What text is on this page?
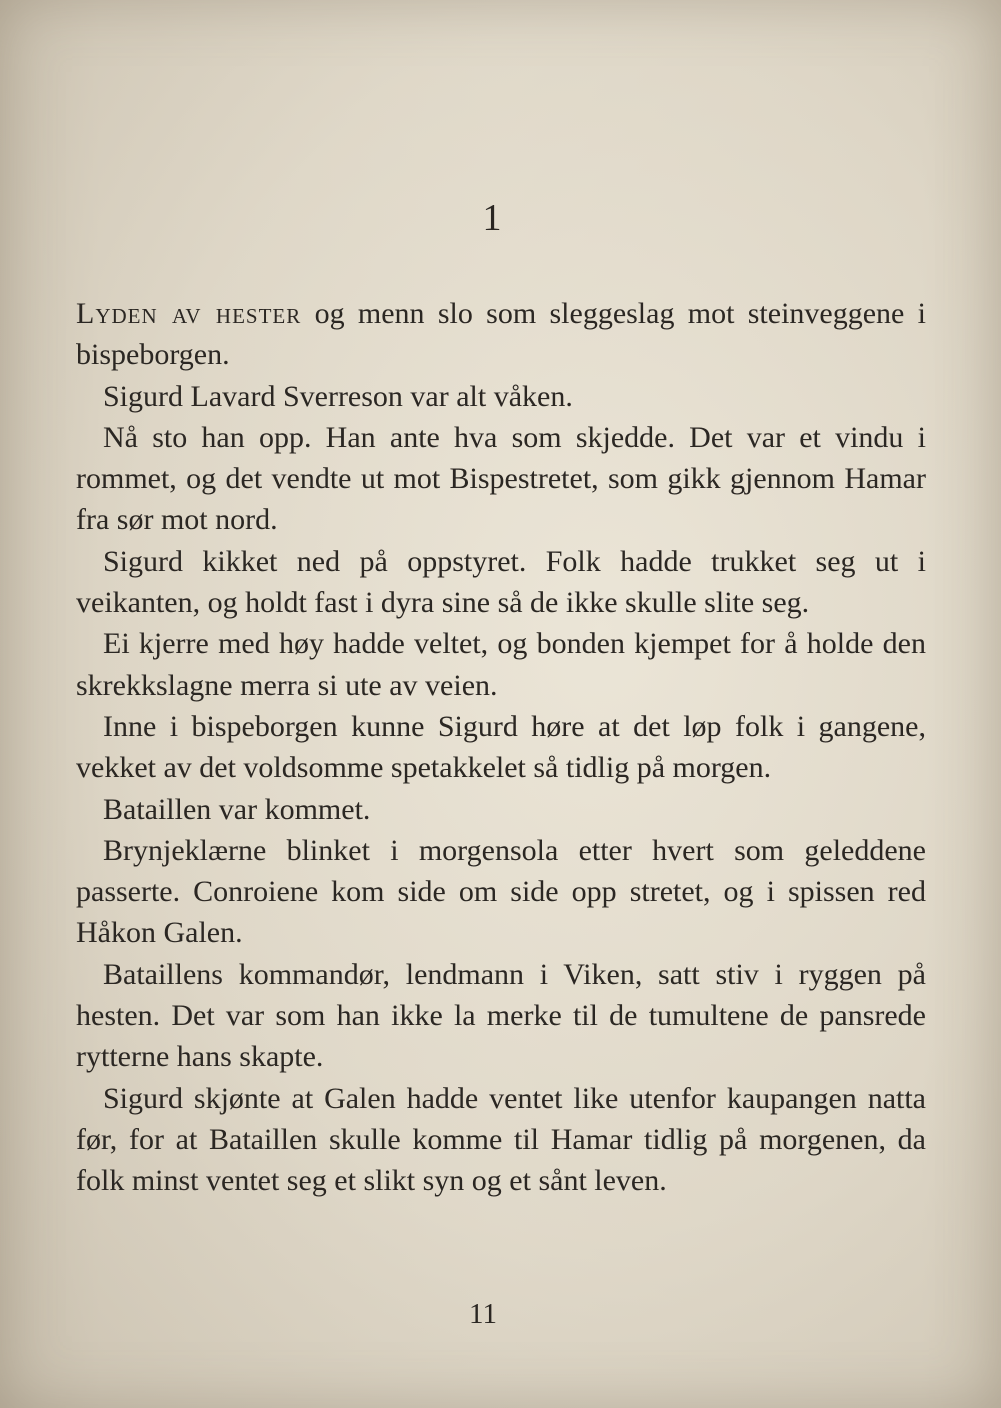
1

Lyden av hester og menn slo som sleggeslag mot steinveggene i bispeborgen.

Sigurd Lavard Sverreson var alt våken.

Nå sto han opp. Han ante hva som skjedde. Det var et vindu i rommet, og det vendte ut mot Bispestretet, som gikk gjennom Hamar fra sør mot nord.

Sigurd kikket ned på oppstyret. Folk hadde trukket seg ut i veikanten, og holdt fast i dyra sine så de ikke skulle slite seg.

Ei kjerre med høy hadde veltet, og bonden kjempet for å holde den skrekkslagne merra si ute av veien.

Inne i bispeborgen kunne Sigurd høre at det løp folk i gangene, vekket av det voldsomme spetakkelet så tidlig på morgen.

Bataillen var kommet.

Brynjeklærne blinket i morgensola etter hvert som geleddene passerte. Conroiene kom side om side opp stretet, og i spissen red Håkon Galen.

Bataillens kommandør, lendmann i Viken, satt stiv i ryggen på hesten. Det var som han ikke la merke til de tumultene de pansrede rytterne hans skapte.

Sigurd skjønte at Galen hadde ventet like utenfor kaupangen natta før, for at Bataillen skulle komme til Hamar tidlig på morgenen, da folk minst ventet seg et slikt syn og et sånt leven.

11
